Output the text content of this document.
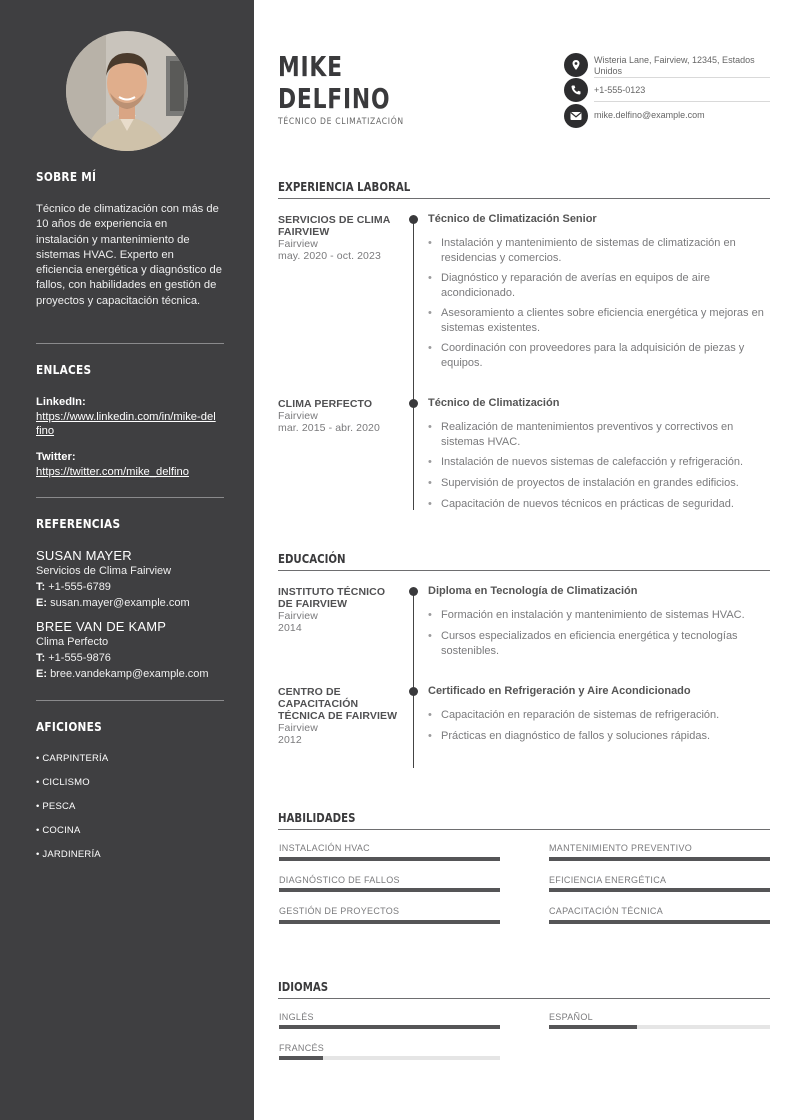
SOBRE MÍ
Técnico de climatización con más de 10 años de experiencia en instalación y mantenimiento de sistemas HVAC. Experto en eficiencia energética y diagnóstico de fallos, con habilidades en gestión de proyectos y capacitación técnica.
ENLACES
LinkedIn:
https://www.linkedin.com/in/mike-delfino
Twitter:
https://twitter.com/mike_delfino
REFERENCIAS
SUSAN MAYER
Servicios de Clima Fairview
T: +1-555-6789
E: susan.mayer@example.com
BREE VAN DE KAMP
Clima Perfecto
T: +1-555-9876
E: bree.vandekamp@example.com
AFICIONES
• CARPINTERÍA
• CICLISMO
• PESCA
• COCINA
• JARDINERÍA
MIKE
DELFINO
TÉCNICO DE CLIMATIZACIÓN
Wisteria Lane, Fairview, 12345, Estados Unidos
+1-555-0123
mike.delfino@example.com
EXPERIENCIA LABORAL
SERVICIOS DE CLIMA FAIRVIEW
Fairview
may. 2020 - oct. 2023
Técnico de Climatización Senior
• Instalación y mantenimiento de sistemas de climatización en residencias y comercios.
• Diagnóstico y reparación de averías en equipos de aire acondicionado.
• Asesoramiento a clientes sobre eficiencia energética y mejoras en sistemas existentes.
• Coordinación con proveedores para la adquisición de piezas y equipos.
CLIMA PERFECTO
Fairview
mar. 2015 - abr. 2020
Técnico de Climatización
• Realización de mantenimientos preventivos y correctivos en sistemas HVAC.
• Instalación de nuevos sistemas de calefacción y refrigeración.
• Supervisión de proyectos de instalación en grandes edificios.
• Capacitación de nuevos técnicos en prácticas de seguridad.
EDUCACIÓN
INSTITUTO TÉCNICO DE FAIRVIEW
Fairview
2014
Diploma en Tecnología de Climatización
• Formación en instalación y mantenimiento de sistemas HVAC.
• Cursos especializados en eficiencia energética y tecnologías sostenibles.
CENTRO DE CAPACITACIÓN TÉCNICA DE FAIRVIEW
Fairview
2012
Certificado en Refrigeración y Aire Acondicionado
• Capacitación en reparación de sistemas de refrigeración.
• Prácticas en diagnóstico de fallos y soluciones rápidas.
HABILIDADES
INSTALACIÓN HVAC	MANTENIMIENTO PREVENTIVO
DIAGNÓSTICO DE FALLOS	EFICIENCIA ENERGÉTICA
GESTIÓN DE PROYECTOS	CAPACITACIÓN TÉCNICA
IDIOMAS
INGLÉS	ESPAÑOL
FRANCÉS
